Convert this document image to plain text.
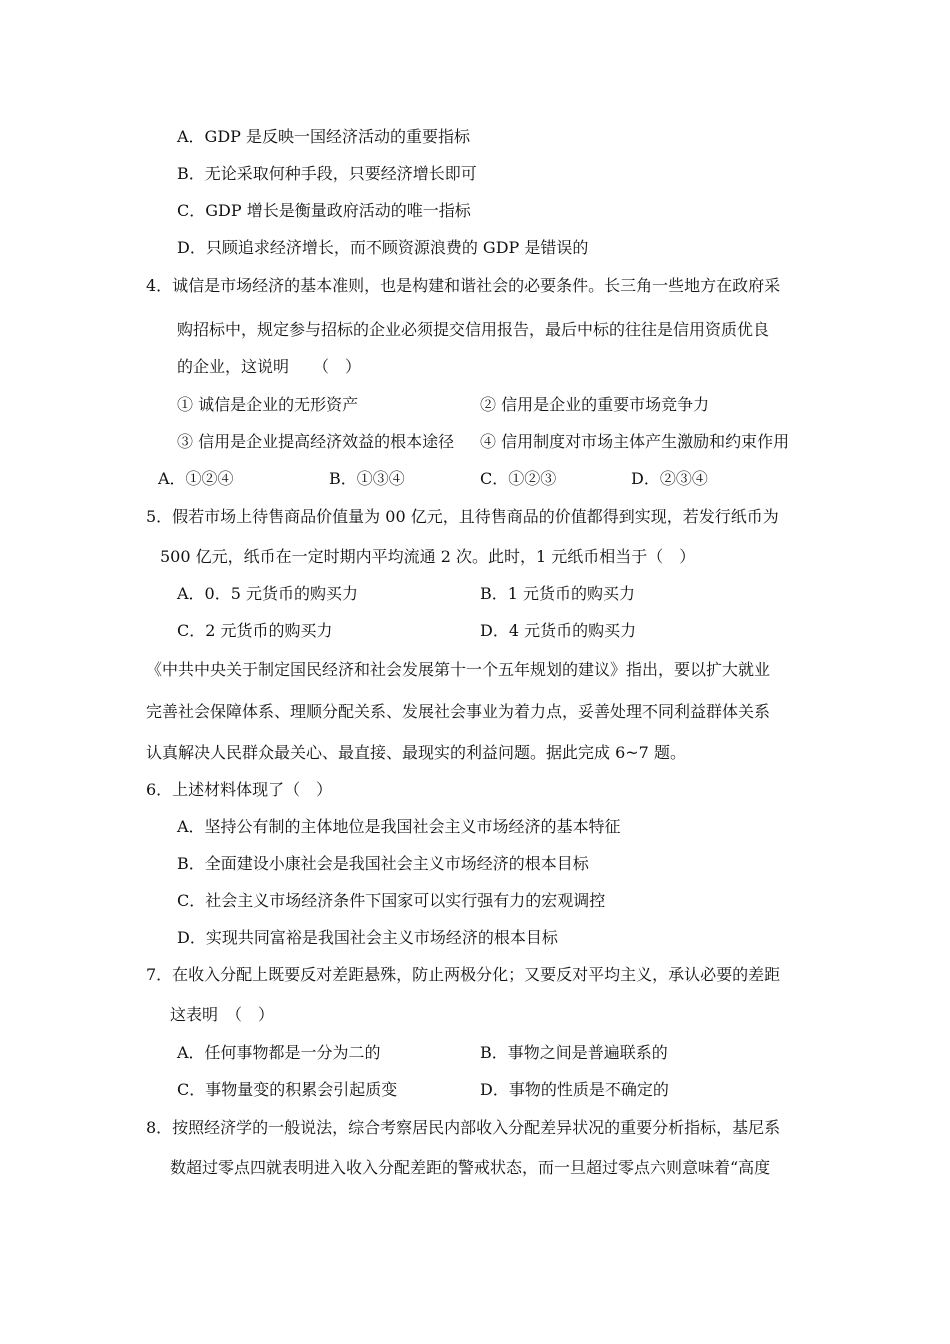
A．GDP 是反映一国经济活动的重要指标
B．无论采取何种手段，只要经济增长即可
C．GDP 增长是衡量政府活动的唯一指标
D．只顾追求经济增长，而不顾资源浪费的 GDP 是错误的
4．诚信是市场经济的基本准则，也是构建和谐社会的必要条件。长三角一些地方在政府采
购招标中，规定参与招标的企业必须提交信用报告，最后中标的往往是信用资质优良
的企业，这说明　　（　）
① 诚信是企业的无形资产	② 信用是企业的重要市场竞争力
③ 信用是企业提高经济效益的根本途径 ④ 信用制度对市场主体产生激励和约束作用
A．①②④	B．①③④	C．①②③	D．②③④
5．假若市场上待售商品价值量为 00 亿元，且待售商品的价值都得到实现，若发行纸币为
500 亿元，纸币在一定时期内平均流通 2 次。此时，1 元纸币相当于（　）
A．0．5 元货币的购买力	B．1 元货币的购买力
C．2 元货币的购买力	D．4 元货币的购买力
《中共中央关于制定国民经济和社会发展第十一个五年规划的建议》指出，要以扩大就业
完善社会保障体系、理顺分配关系、发展社会事业为着力点，妥善处理不同利益群体关系
认真解决人民群众最关心、最直接、最现实的利益问题。据此完成 6~7 题。
6．上述材料体现了（　）
A．坚持公有制的主体地位是我国社会主义市场经济的基本特征
B．全面建设小康社会是我国社会主义市场经济的根本目标
C．社会主义市场经济条件下国家可以实行强有力的宏观调控
D．实现共同富裕是我国社会主义市场经济的根本目标
7．在收入分配上既要反对差距悬殊，防止两极分化；又要反对平均主义，承认必要的差距
这表明　（　）
A．任何事物都是一分为二的	B．事物之间是普遍联系的
C．事物量变的积累会引起质变	D．事物的性质是不确定的
8．按照经济学的一般说法，综合考察居民内部收入分配差异状况的重要分析指标，基尼系
数超过零点四就表明进入收入分配差距的警戒状态，而一旦超过零点六则意味着“高度
